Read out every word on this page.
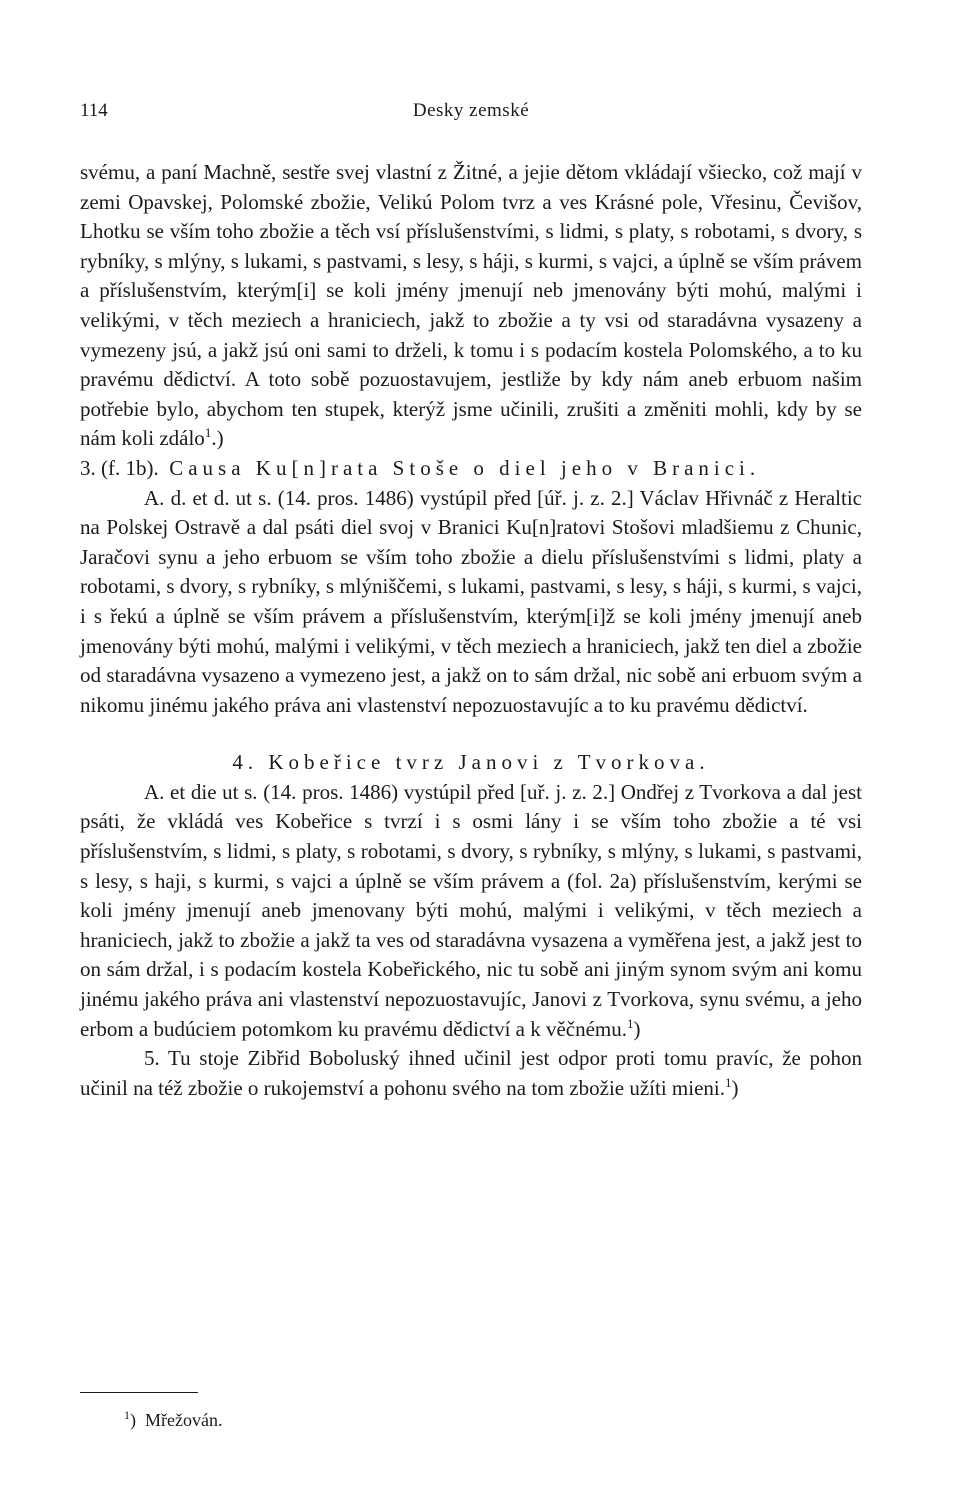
114	Desky zemské

svému, a paní Machně, sestře svej vlastní z Žitné, a jejie dětom vkládají všiecko, což mají v zemi Opavskej, Polomské zbožie, Velikú Polom tvrz a ves Krásné pole, Vřesinu, Čevišov, Lhotku se vším toho zbožie a těch vsí příslušenstvími, s lidmi, s platy, s robotami, s dvory, s rybníky, s mlýny, s lukami, s pastvami, s lesy, s háji, s kurmi, s vajci, a úplně se vším právem a příslušenstvím, kterým[i] se koli jmény jmenují neb jmenovány býti mohú, malými i velikými, v těch meziech a hraniciech, jakž to zbožie a ty vsi od staradávna vysazeny a vymezeny jsú, a jakž jsú oni sami to drželi, k tomu i s podacím kostela Polomského, a to ku pravému dědictví. A toto sobě pozuostavujem, jestliže by kdy nám aneb erbuom našim potřebie bylo, abychom ten stupek, kterýž jsme učinili, zrušiti a změniti mohli, kdy by se nám koli zdálo$^1$.)

3. (f. 1b). Causa Ku[n]rata Stoše o diel jeho v Branici.

A. d. et d. ut s. (14. pros. 1486) vystúpil před [úř. j. z. 2.] Václav Hřivnáč z Heraltic na Polskej Ostravě a dal psáti diel svoj v Branici Ku[n]ratovi Stošovi mladšiemu z Chunic, Jaračovi synu a jeho erbuom se vším toho zbožie a dielu příslušenstvími s lidmi, platy a robotami, s dvory, s rybníky, s mlýniščemi, s lukami, pastvami, s lesy, s háji, s kurmi, s vajci, i s řekú a úplně se vším právem a příslušenstvím, kterým[i]ž se koli jmény jmenují aneb jmenovány býti mohú, malými i velikými, v těch meziech a hraniciech, jakž ten diel a zbožie od staradávna vysazeno a vymezeno jest, a jakž on to sám držal, nic sobě ani erbuom svým a nikomu jinému jakého práva ani vlastenství nepozuostavujíc a to ku pravému dědictví.

4. Kobeřice tvrz Janovi z Tvorkova.

A. et die ut s. (14. pros. 1486) vystúpil před [uř. j. z. 2.] Ondřej z Tvorkova a dal jest psáti, že vkládá ves Kobeřice s tvrzí i s osmi lány i se vším toho zbožie a té vsi příslušenstvím, s lidmi, s platy, s robotami, s dvory, s rybníky, s mlýny, s lukami, s pastvami, s lesy, s haji, s kurmi, s vajci a úplně se vším právem a (fol. 2a) příslušenstvím, kerými se koli jmény jmenují aneb jmenovany býti mohú, malými i velikými, v těch meziech a hraniciech, jakž to zbožie a jakž ta ves od staradávna vysazena a vyměřena jest, a jakž jest to on sám držal, i s podacím kostela Kobeřického, nic tu sobě ani jiným synom svým ani komu jinému jakého práva ani vlastenství nepozuostavujíc, Janovi z Tvorkova, synu svému, a jeho erbom a budúciem potomkom ku pravému dědictví a k věčnému.$^1$)

5. Tu stoje Zibřid Boboluský ihned učinil jest odpor proti tomu pravíc, že pohon učinil na též zbožie o rukojemství a pohonu svého na tom zbožie užíti mieni.$^1$)

$^1$) Mřežován.
